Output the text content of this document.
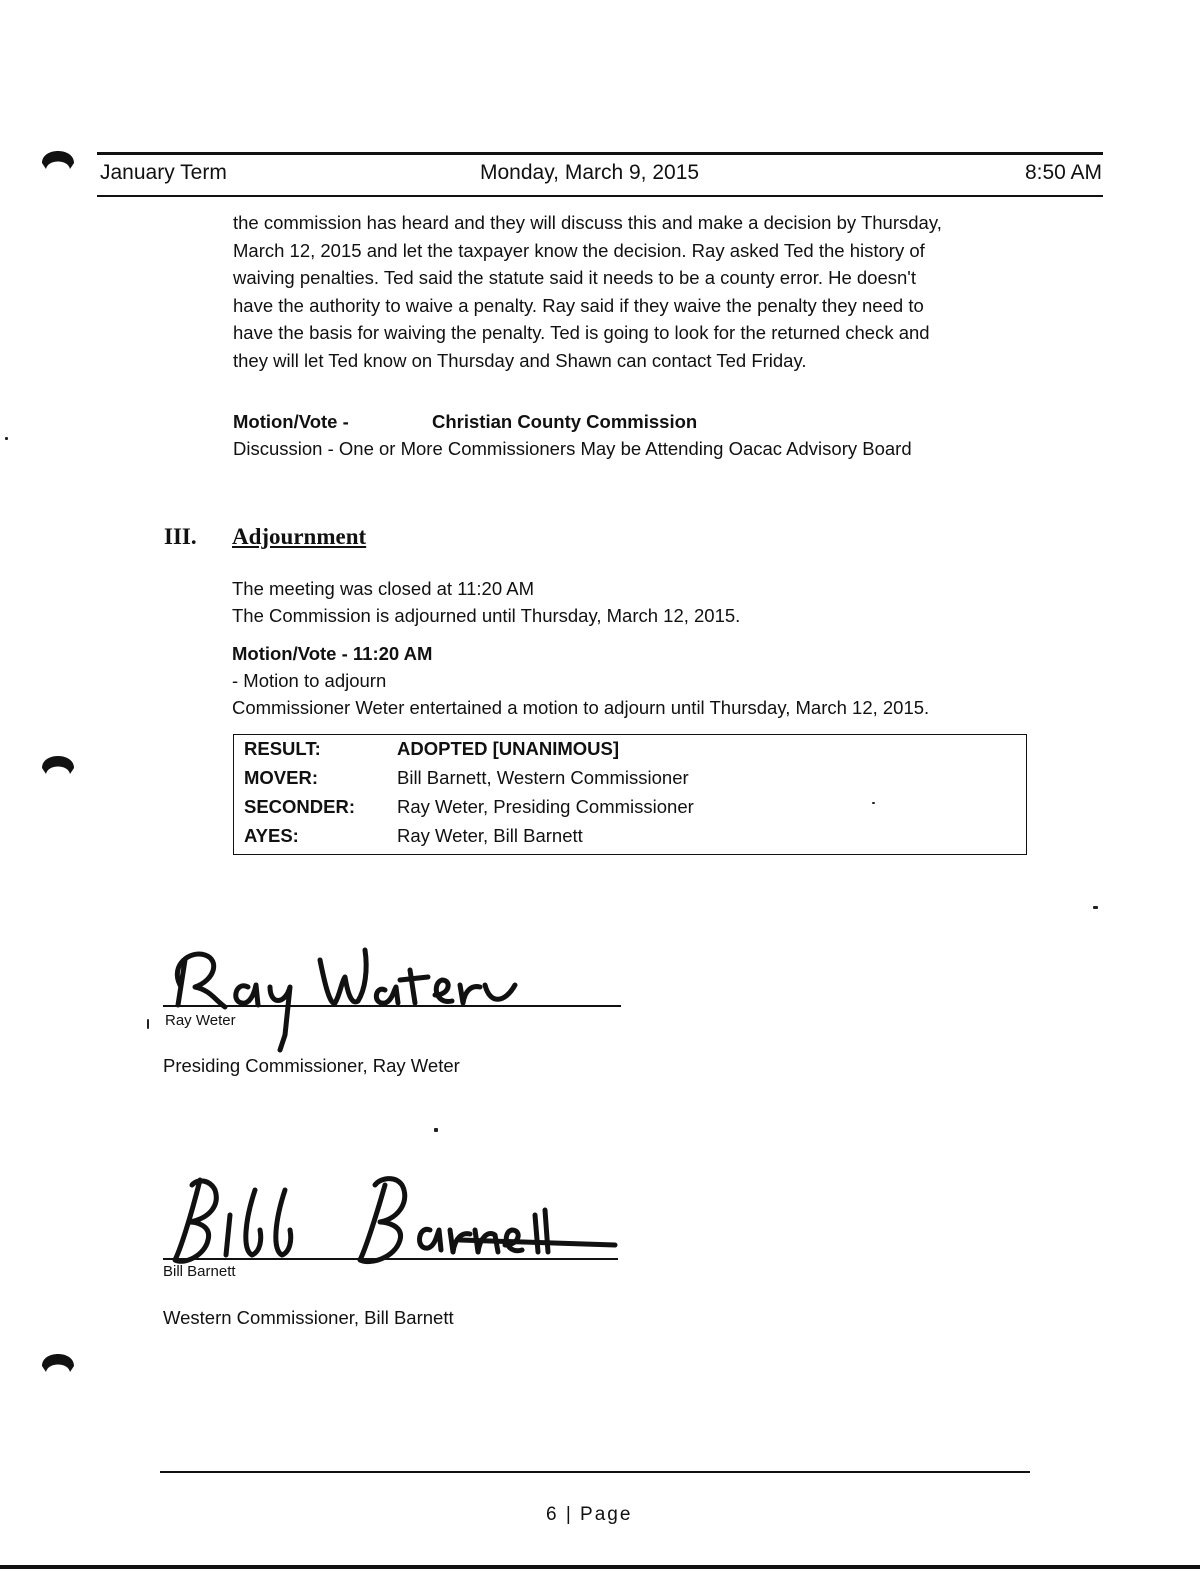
January Term	Monday, March 9, 2015	8:50 AM
the commission has heard and they will discuss this and make a decision by Thursday,
March 12, 2015 and let the taxpayer know the decision. Ray asked Ted the history of
waiving penalties. Ted said the statute said it needs to be a county error. He doesn't
have the authority to waive a penalty. Ray said if they waive the penalty they need to
have the basis for waiving the penalty. Ted is going to look for the returned check and
they will let Ted know on Thursday and Shawn can contact Ted Friday.
Motion/Vote -	Christian County Commission
Discussion - One or More Commissioners May be Attending Oacac Advisory Board
III. Adjournment
The meeting was closed at 11:20 AM
The Commission is adjourned until Thursday, March 12, 2015.
Motion/Vote - 11:20 AM
- Motion to adjourn
Commissioner Weter entertained a motion to adjourn until Thursday, March 12, 2015.
RESULT:	ADOPTED [UNANIMOUS]
MOVER:	Bill Barnett, Western Commissioner
SECONDER: Ray Weter, Presiding Commissioner
AYES:	Ray Weter, Bill Barnett
Ray Weter
Presiding Commissioner, Ray Weter
Bill Barnett
Western Commissioner, Bill Barnett
6 | Page
